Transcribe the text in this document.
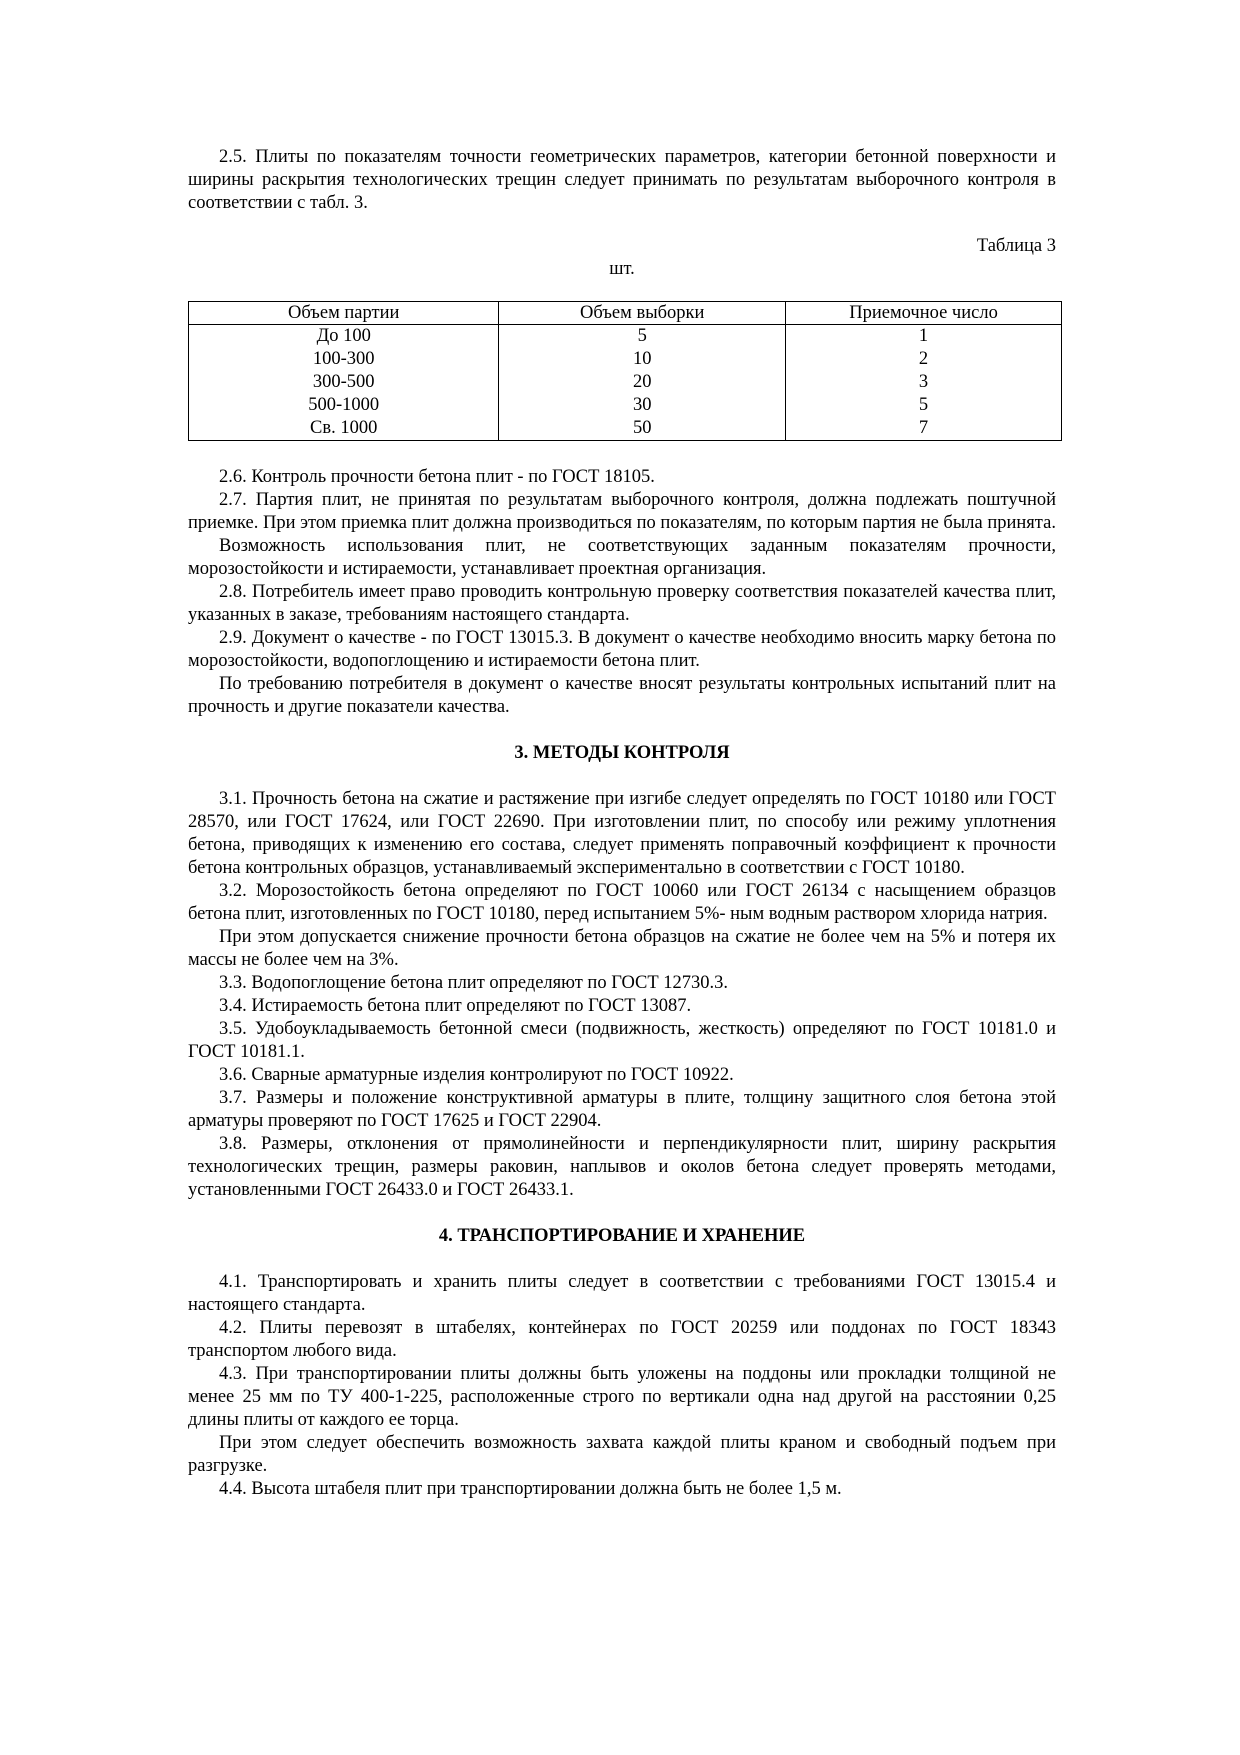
2.5. Плиты по показателям точности геометрических параметров, категории бетонной поверхности и ширины раскрытия технологических трещин следует принимать по результатам выборочного контроля в соответствии с табл. 3.

Таблица 3
шт.
Объем партии	Объем выборки	Приемочное число
До 100	5	1
100-300	10	2
300-500	20	3
500-1000	30	5
Св. 1000	50	7

2.6. Контроль прочности бетона плит - по ГОСТ 18105.

2.7. Партия плит, не принятая по результатам выборочного контроля, должна подлежать поштучной приемке. При этом приемка плит должна производиться по показателям, по которым партия не была принята.

Возможность использования плит, не соответствующих заданным показателям прочности, морозостойкости и истираемости, устанавливает проектная организация.

2.8. Потребитель имеет право проводить контрольную проверку соответствия показателей качества плит, указанных в заказе, требованиям настоящего стандарта.

2.9. Документ о качестве - по ГОСТ 13015.3. В документ о качестве необходимо вносить марку бетона по морозостойкости, водопоглощению и истираемости бетона плит.

По требованию потребителя в документ о качестве вносят результаты контрольных испытаний плит на прочность и другие показатели качества.

3. МЕТОДЫ КОНТРОЛЯ

3.1. Прочность бетона на сжатие и растяжение при изгибе следует определять по ГОСТ 10180 или ГОСТ 28570, или ГОСТ 17624, или ГОСТ 22690. При изготовлении плит, по способу или режиму уплотнения бетона, приводящих к изменению его состава, следует применять поправочный коэффициент к прочности бетона контрольных образцов, устанавливаемый экспериментально в соответствии с ГОСТ 10180.

3.2. Морозостойкость бетона определяют по ГОСТ 10060 или ГОСТ 26134 с насыщением образцов бетона плит, изготовленных по ГОСТ 10180, перед испытанием 5%- ным водным раствором хлорида натрия.

При этом допускается снижение прочности бетона образцов на сжатие не более чем на 5% и потеря их массы не более чем на 3%.

3.3. Водопоглощение бетона плит определяют по ГОСТ 12730.3.

3.4. Истираемость бетона плит определяют по ГОСТ 13087.

3.5. Удобоукладываемость бетонной смеси (подвижность, жесткость) определяют по ГОСТ 10181.0 и ГОСТ 10181.1.

3.6. Сварные арматурные изделия контролируют по ГОСТ 10922.

3.7. Размеры и положение конструктивной арматуры в плите, толщину защитного слоя бетона этой арматуры проверяют по ГОСТ 17625 и ГОСТ 22904.

3.8. Размеры, отклонения от прямолинейности и перпендикулярности плит, ширину раскрытия технологических трещин, размеры раковин, наплывов и околов бетона следует проверять методами, установленными ГОСТ 26433.0 и ГОСТ 26433.1.

4. ТРАНСПОРТИРОВАНИЕ И ХРАНЕНИЕ

4.1. Транспортировать и хранить плиты следует в соответствии с требованиями ГОСТ 13015.4 и настоящего стандарта.

4.2. Плиты перевозят в штабелях, контейнерах по ГОСТ 20259 или поддонах по ГОСТ 18343 транспортом любого вида.

4.3. При транспортировании плиты должны быть уложены на поддоны или прокладки толщиной не менее 25 мм по ТУ 400-1-225, расположенные строго по вертикали одна над другой на расстоянии 0,25 длины плиты от каждого ее торца.

При этом следует обеспечить возможность захвата каждой плиты краном и свободный подъем при разгрузке.

4.4. Высота штабеля плит при транспортировании должна быть не более 1,5 м.
